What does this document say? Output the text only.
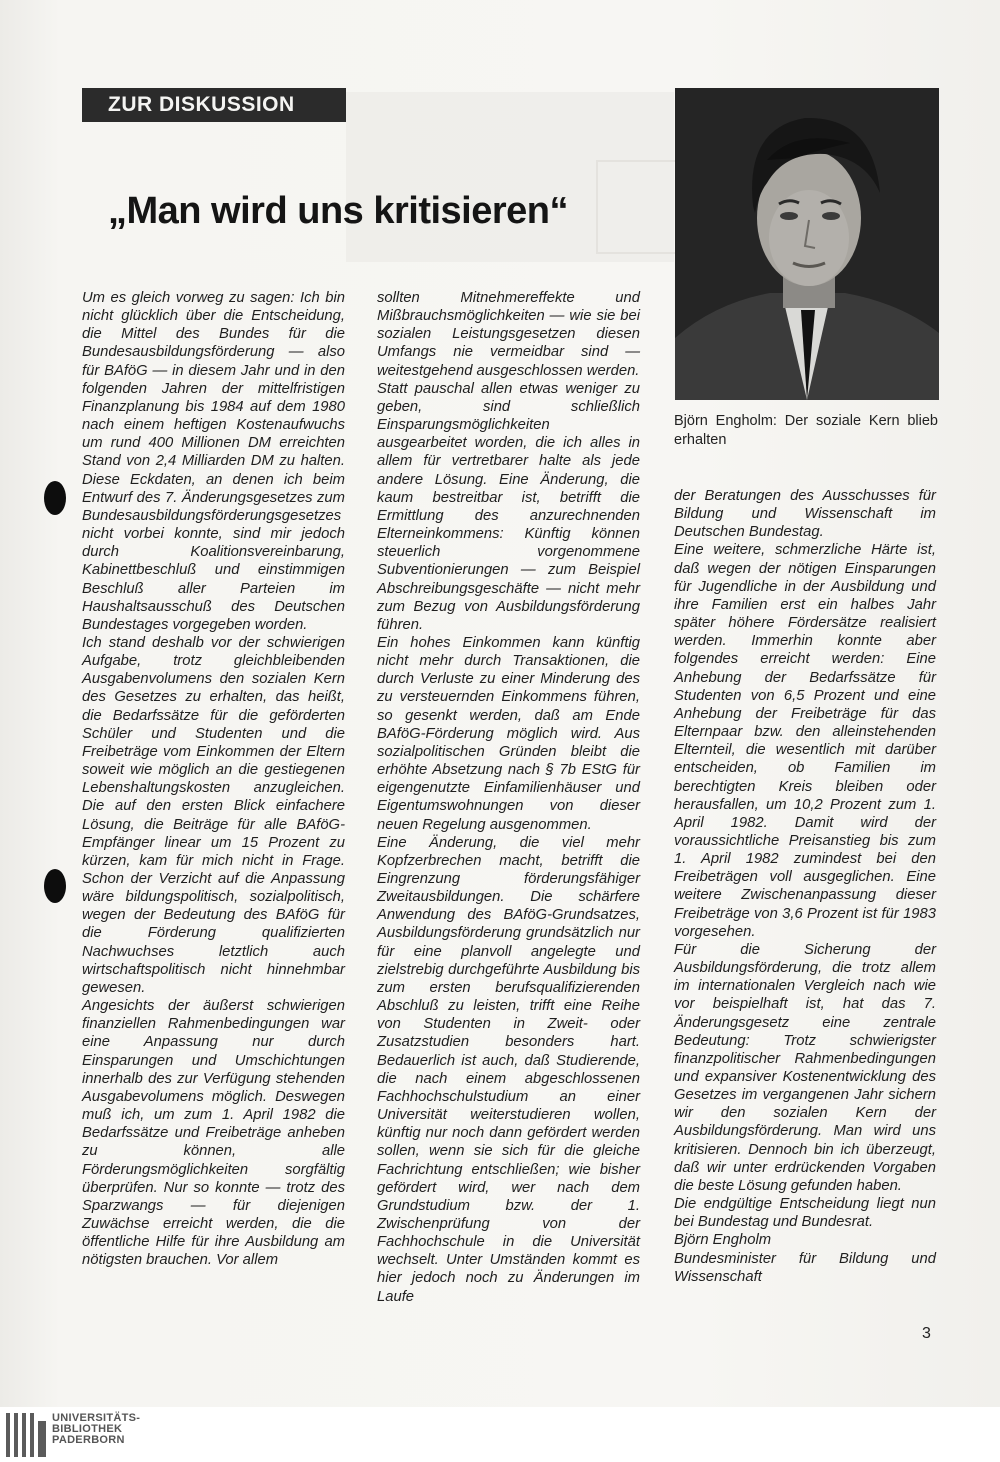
ZUR DISKUSSION
„Man wird uns kritisieren“

Björn Engholm: Der soziale Kern blieb erhalten

Um es gleich vorweg zu sagen: Ich bin nicht glücklich über die Entscheidung, die Mittel des Bundes für die Bundesausbildungsförderung — also für BAföG — in diesem Jahr und in den folgenden Jahren der mittelfristigen Finanzplanung bis 1984 auf dem 1980 nach einem heftigen Kostenaufwuchs um rund 400 Millionen DM erreichten Stand von 2,4 Milliarden DM zu halten. Diese Eckdaten, an denen ich beim Entwurf des 7. Änderungsgesetzes zum Bundesausbildungsförderungsgesetzes nicht vorbei konnte, sind mir jedoch durch Koalitionsvereinbarung, Kabinettbeschluß und einstimmigen Beschluß aller Parteien im Haushaltsausschuß des Deutschen Bundestages vorgegeben worden.

Ich stand deshalb vor der schwierigen Aufgabe, trotz gleichbleibenden Ausgabenvolumens den sozialen Kern des Gesetzes zu erhalten, das heißt, die Bedarfssätze für die geförderten Schüler und Studenten und die Freibeträge vom Einkommen der Eltern soweit wie möglich an die gestiegenen Lebenshaltungskosten anzugleichen. Die auf den ersten Blick einfachere Lösung, die Beiträge für alle BAföG-Empfänger linear um 15 Prozent zu kürzen, kam für mich nicht in Frage. Schon der Verzicht auf die Anpassung wäre bildungspolitisch, sozialpolitisch, wegen der Bedeutung des BAföG für die Förderung qualifizierten Nachwuchses letztlich auch wirtschaftspolitisch nicht hinnehmbar gewesen.

Angesichts der äußerst schwierigen finanziellen Rahmenbedingungen war eine Anpassung nur durch Einsparungen und Umschichtungen innerhalb des zur Verfügung stehenden Ausgabevolumens möglich. Deswegen muß ich, um zum 1. April 1982 die Bedarfssätze und Freibeträge anheben zu können, alle Förderungsmöglichkeiten sorgfältig überprüfen. Nur so konnte — trotz des Sparzwangs — für diejenigen Zuwächse erreicht werden, die die öffentliche Hilfe für ihre Ausbildung am nötigsten brauchen. Vor allem

sollten Mitnehmereffekte und Mißbrauchsmöglichkeiten — wie sie bei sozialen Leistungsgesetzen diesen Umfangs nie vermeidbar sind — weitestgehend ausgeschlossen werden.

Statt pauschal allen etwas weniger zu geben, sind schließlich Einsparungsmöglichkeiten ausgearbeitet worden, die ich alles in allem für vertretbarer halte als jede andere Lösung. Eine Änderung, die kaum bestreitbar ist, betrifft die Ermittlung des anzurechnenden Elterneinkommens: Künftig können steuerlich vorgenommene Subventionierungen — zum Beispiel Abschreibungsgeschäfte — nicht mehr zum Bezug von Ausbildungsförderung führen.

Ein hohes Einkommen kann künftig nicht mehr durch Transaktionen, die durch Verluste zu einer Minderung des zu versteuernden Einkommens führen, so gesenkt werden, daß am Ende BAföG-Förderung möglich wird. Aus sozialpolitischen Gründen bleibt die erhöhte Absetzung nach § 7b EStG für eigengenutzte Einfamilienhäuser und Eigentumswohnungen von dieser neuen Regelung ausgenommen.

Eine Änderung, die viel mehr Kopfzerbrechen macht, betrifft die Eingrenzung förderungsfähiger Zweitausbildungen. Die schärfere Anwendung des BAföG-Grundsatzes, Ausbildungsförderung grundsätzlich nur für eine planvoll angelegte und zielstrebig durchgeführte Ausbildung bis zum ersten berufsqualifizierenden Abschluß zu leisten, trifft eine Reihe von Studenten in Zweit- oder Zusatzstudien besonders hart. Bedauerlich ist auch, daß Studierende, die nach einem abgeschlossenen Fachhochschulstudium an einer Universität weiterstudieren wollen, künftig nur noch dann gefördert werden sollen, wenn sie sich für die gleiche Fachrichtung entschließen; wie bisher gefördert wird, wer nach dem Grundstudium bzw. der 1. Zwischenprüfung von der Fachhochschule in die Universität wechselt. Unter Umständen kommt es hier jedoch noch zu Änderungen im Laufe

der Beratungen des Ausschusses für Bildung und Wissenschaft im Deutschen Bundestag.

Eine weitere, schmerzliche Härte ist, daß wegen der nötigen Einsparungen für Jugendliche in der Ausbildung und ihre Familien erst ein halbes Jahr später höhere Fördersätze realisiert werden. Immerhin konnte aber folgendes erreicht werden: Eine Anhebung der Bedarfssätze für Studenten von 6,5 Prozent und eine Anhebung der Freibeträge für das Elternpaar bzw. den alleinstehenden Elternteil, die wesentlich mit darüber entscheiden, ob Familien im berechtigten Kreis bleiben oder herausfallen, um 10,2 Prozent zum 1. April 1982. Damit wird der voraussichtliche Preisanstieg bis zum 1. April 1982 zumindest bei den Freibeträgen voll ausgeglichen. Eine weitere Zwischenanpassung dieser Freibeträge von 3,6 Prozent ist für 1983 vorgesehen.

Für die Sicherung der Ausbildungsförderung, die trotz allem im internationalen Vergleich nach wie vor beispielhaft ist, hat das 7. Änderungsgesetz eine zentrale Bedeutung: Trotz schwierigster finanzpolitischer Rahmenbedingungen und expansiver Kostenentwicklung des Gesetzes im vergangenen Jahr sichern wir den sozialen Kern der Ausbildungsförderung. Man wird uns kritisieren. Dennoch bin ich überzeugt, daß wir unter erdrückenden Vorgaben die beste Lösung gefunden haben.

Die endgültige Entscheidung liegt nun bei Bundestag und Bundesrat.

Björn Engholm

Bundesminister für Bildung und Wissenschaft

3
UNIVERSITÄTS-
BIBLIOTHEK
PADERBORN
